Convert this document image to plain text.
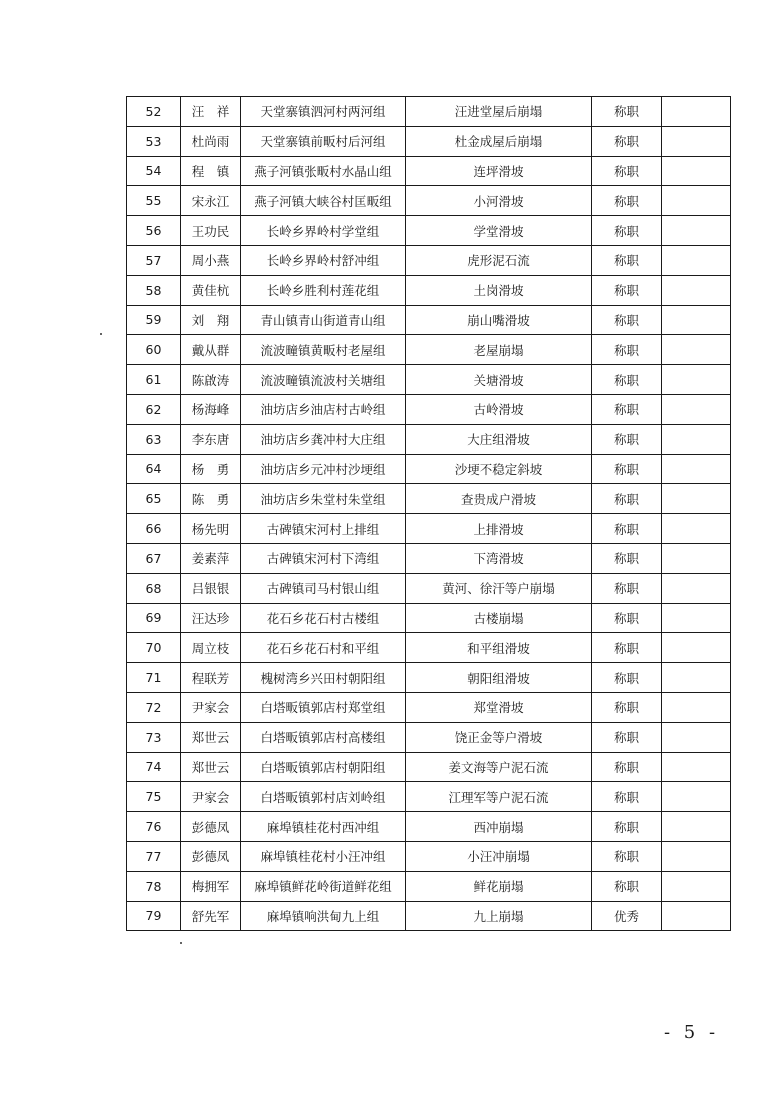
52	汪　祥	天堂寨镇泗河村两河组	汪进堂屋后崩塌	称职	
53	杜尚雨	天堂寨镇前畈村后河组	杜金成屋后崩塌	称职	
54	程　镇	燕子河镇张畈村水晶山组	连坪滑坡	称职	
55	宋永江	燕子河镇大峡谷村匡畈组	小河滑坡	称职	
56	王功民	长岭乡界岭村学堂组	学堂滑坡	称职	
57	周小燕	长岭乡界岭村舒冲组	虎形泥石流	称职	
58	黄佳杭	长岭乡胜利村莲花组	土岗滑坡	称职	
59	刘　翔	青山镇青山街道青山组	崩山嘴滑坡	称职	
60	戴从群	流波疃镇黄畈村老屋组	老屋崩塌	称职	
61	陈啟涛	流波疃镇流波村关塘组	关塘滑坡	称职	
62	杨海峰	油坊店乡油店村古岭组	古岭滑坡	称职	
63	李东唐	油坊店乡龚冲村大庄组	大庄组滑坡	称职	
64	杨　勇	油坊店乡元冲村沙埂组	沙埂不稳定斜坡	称职	
65	陈　勇	油坊店乡朱堂村朱堂组	查贵成户滑坡	称职	
66	杨先明	古碑镇宋河村上排组	上排滑坡	称职	
67	姜素萍	古碑镇宋河村下湾组	下湾滑坡	称职	
68	吕银银	古碑镇司马村银山组	黄河、徐汗等户崩塌	称职	
69	汪达珍	花石乡花石村古楼组	古楼崩塌	称职	
70	周立枝	花石乡花石村和平组	和平组滑坡	称职	
71	程联芳	槐树湾乡兴田村朝阳组	朝阳组滑坡	称职	
72	尹家会	白塔畈镇郭店村郑堂组	郑堂滑坡	称职	
73	郑世云	白塔畈镇郭店村高楼组	饶正金等户滑坡	称职	
74	郑世云	白塔畈镇郭店村朝阳组	姜文海等户泥石流	称职	
75	尹家会	白塔畈镇郭村店刘岭组	江理军等户泥石流	称职	
76	彭德凤	麻埠镇桂花村西冲组	西冲崩塌	称职	
77	彭德凤	麻埠镇桂花村小汪冲组	小汪冲崩塌	称职	
78	梅拥军	麻埠镇鲜花岭街道鲜花组	鲜花崩塌	称职	
79	舒先军	麻埠镇响洪甸九上组	九上崩塌	优秀	
- 5 -
